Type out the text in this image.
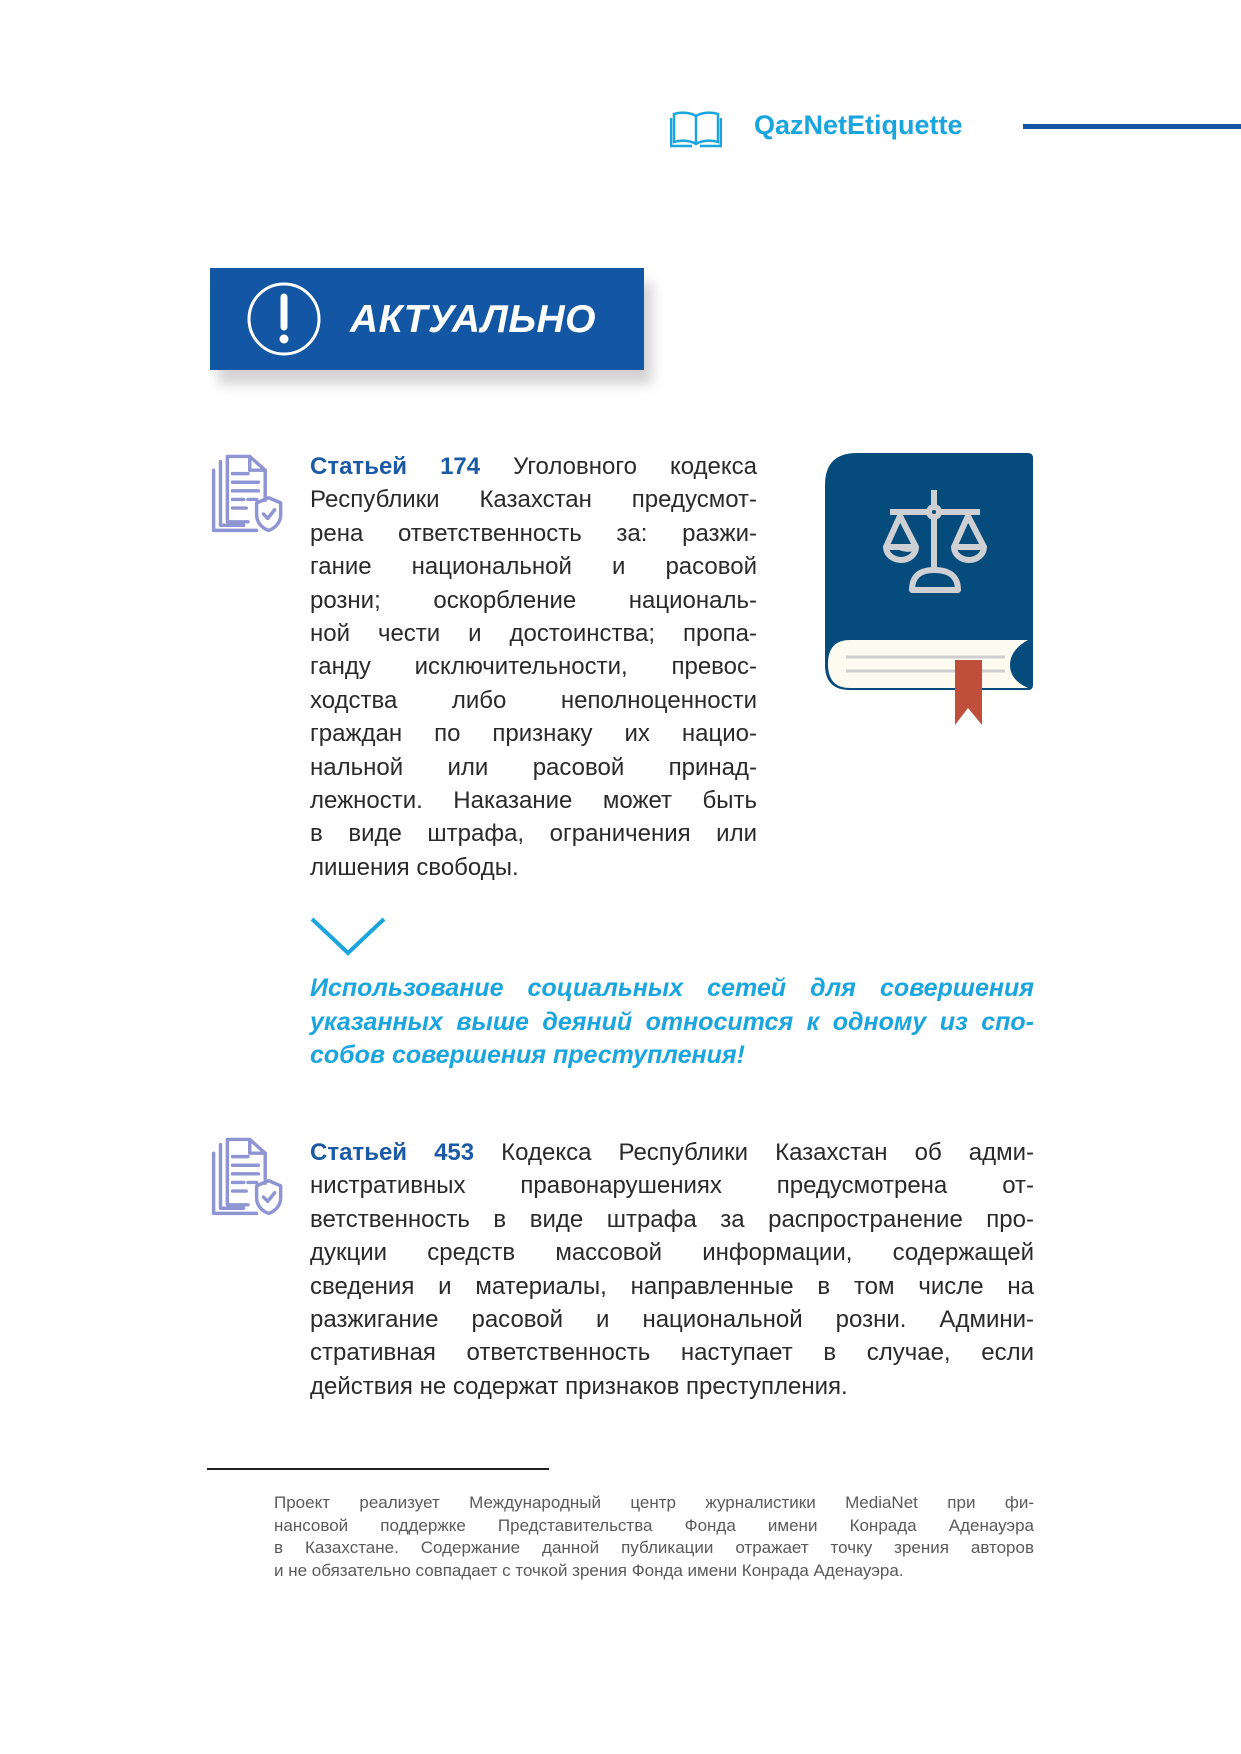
QazNetEtiquette
АКТУАЛЬНО
Статьей 174 Уголовного кодекса
Республики Казахстан предусмот-
рена ответственность за: разжи-
гание национальной и расовой
розни; оскорбление националь-
ной чести и достоинства; пропа-
ганду исключительности, превос-
ходства либо неполноценности
граждан по признаку их нацио-
нальной или расовой принад-
лежности. Наказание может быть
в виде штрафа, ограничения или
лишения свободы.
Использование социальных сетей для совершения
указанных выше деяний относится к одному из спо-
собов совершения преступления!
Статьей 453 Кодекса Республики Казахстан об адми-
нистративных правонарушениях предусмотрена от-
ветственность в виде штрафа за распространение про-
дукции средств массовой информации, содержащей
сведения и материалы, направленные в том числе на
разжигание расовой и национальной розни. Админи-
стративная ответственность наступает в случае, если
действия не содержат признаков преступления.
Проект реализует Международный центр журналистики MediaNet при фи-
нансовой поддержке Представительства Фонда имени Конрада Аденауэра
в Казахстане. Содержание данной публикации отражает точку зрения авторов
и не обязательно совпадает с точкой зрения Фонда имени Конрада Аденауэра.
